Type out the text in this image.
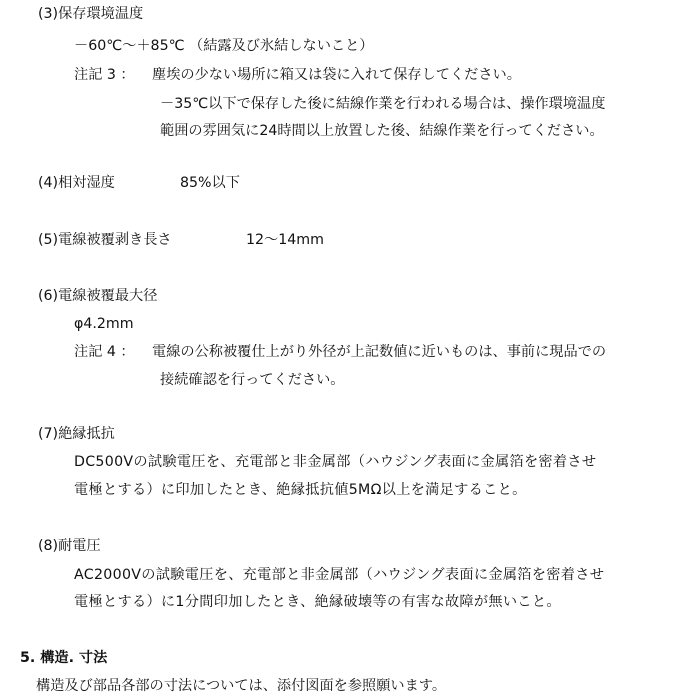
(3)保存環境温度
－60℃～＋85℃ （結露及び氷結しないこと）
注記 3 ： 塵埃の少ない場所に箱又は袋に入れて保存してください。
－35℃以下で保存した後に結線作業を行われる場合は、操作環境温度
範囲の雰囲気に24時間以上放置した後、結線作業を行ってください。
(4)相対湿度	85%以下
(5)電線被覆剥き長さ	12～14mm
(6)電線被覆最大径
φ4.2mm
注記 4 ： 電線の公称被覆仕上がり外径が上記数値に近いものは、事前に現品での
接続確認を行ってください。
(7)絶縁抵抗
DC500Vの試験電圧を、充電部と非金属部（ハウジング表面に金属箔を密着させ
電極とする）に印加したとき、絶縁抵抗値5MΩ以上を満足すること。
(8)耐電圧
AC2000Vの試験電圧を、充電部と非金属部（ハウジング表面に金属箔を密着させ
電極とする）に1分間印加したとき、絶縁破壊等の有害な故障が無いこと。
5. 構造. 寸法
構造及び部品各部の寸法については、添付図面を参照願います。
